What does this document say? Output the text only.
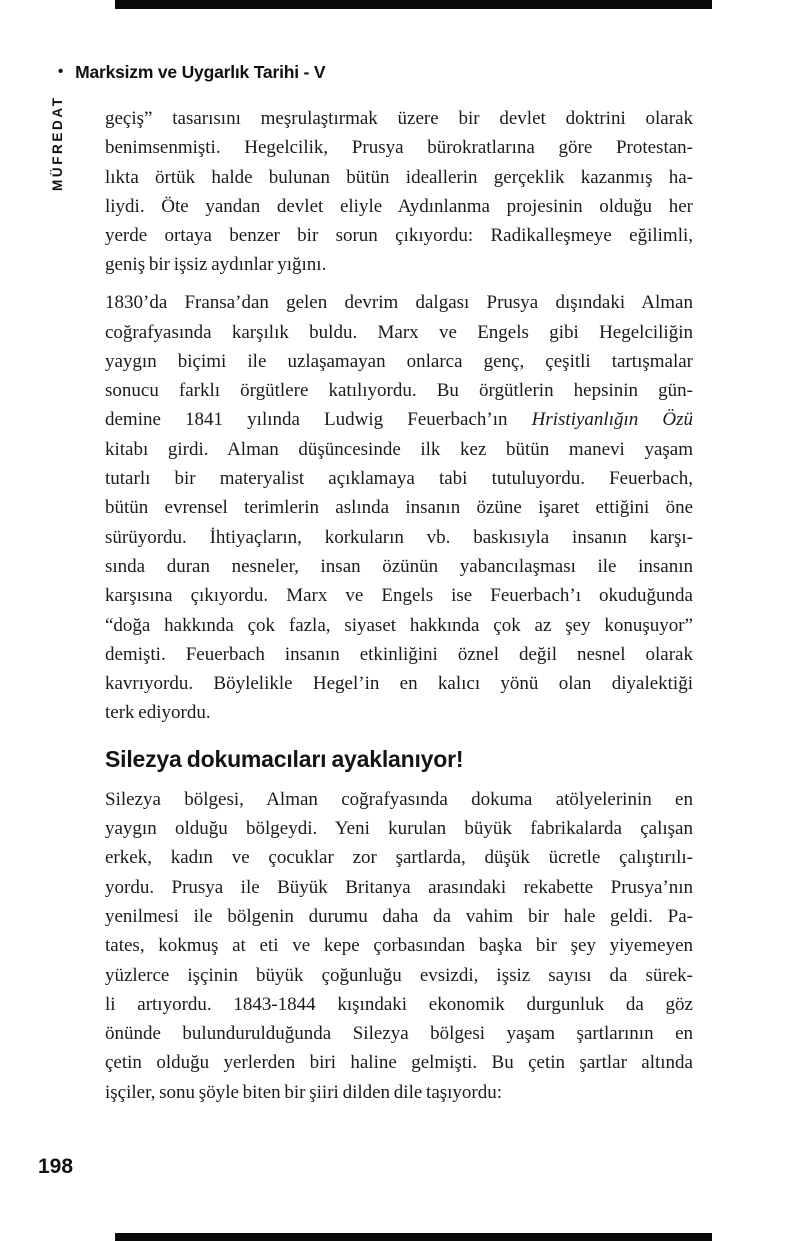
• Marksizm ve Uygarlık Tarihi - V
MÜFREDAT	geçiş” tasarısını meşrulaştırmak üzere bir devlet doktrini olarak
benimsenmişti. Hegelcilik, Prusya bürokratlarına göre Protestan-
lıkta örtük halde bulunan bütün ideallerin gerçeklik kazanmış ha-
liydi. Öte yandan devlet eliyle Aydınlanma projesinin olduğu her
yerde ortaya benzer bir sorun çıkıyordu: Radikalleşmeye eğilimli,
geniş bir işsiz aydınlar yığını.
1830’da Fransa’dan gelen devrim dalgası Prusya dışındaki Alman
coğrafyasında karşılık buldu. Marx ve Engels gibi Hegelciliğin
yaygın biçimi ile uzlaşamayan onlarca genç, çeşitli tartışmalar
sonucu farklı örgütlere katılıyordu. Bu örgütlerin hepsinin gün-
demine 1841 yılında Ludwig Feuerbach’ın Hristiyanlığın Özü
kitabı girdi. Alman düşüncesinde ilk kez bütün manevi yaşam
tutarlı bir materyalist açıklamaya tabi tutuluyordu. Feuerbach,
bütün evrensel terimlerin aslında insanın özüne işaret ettiğini öne
sürüyordu. İhtiyaçların, korkuların vb. baskısıyla insanın karşı-
sında duran nesneler, insan özünün yabancılaşması ile insanın
karşısına çıkıyordu. Marx ve Engels ise Feuerbach’ı okuduğunda
“doğa hakkında çok fazla, siyaset hakkında çok az şey konuşuyor”
demişti. Feuerbach insanın etkinliğini öznel değil nesnel olarak
kavrıyordu. Böylelikle Hegel’in en kalıcı yönü olan diyalektiği
terk ediyordu.
Silezya dokumacıları ayaklanıyor!
Silezya bölgesi, Alman coğrafyasında dokuma atölyelerinin en
yaygın olduğu bölgeydi. Yeni kurulan büyük fabrikalarda çalışan
erkek, kadın ve çocuklar zor şartlarda, düşük ücretle çalıştırılı-
yordu. Prusya ile Büyük Britanya arasındaki rekabette Prusya’nın
yenilmesi ile bölgenin durumu daha da vahim bir hale geldi. Pa-
tates, kokmuş at eti ve kepe çorbasından başka bir şey yiyemeyen
yüzlerce işçinin büyük çoğunluğu evsizdi, işsiz sayısı da sürek-
li artıyordu. 1843-1844 kışındaki ekonomik durgunluk da göz
önünde bulundurulduğunda Silezya bölgesi yaşam şartlarının en
çetin olduğu yerlerden biri haline gelmişti. Bu çetin şartlar altında
işçiler, sonu şöyle biten bir şiiri dilden dile taşıyordu:
198
